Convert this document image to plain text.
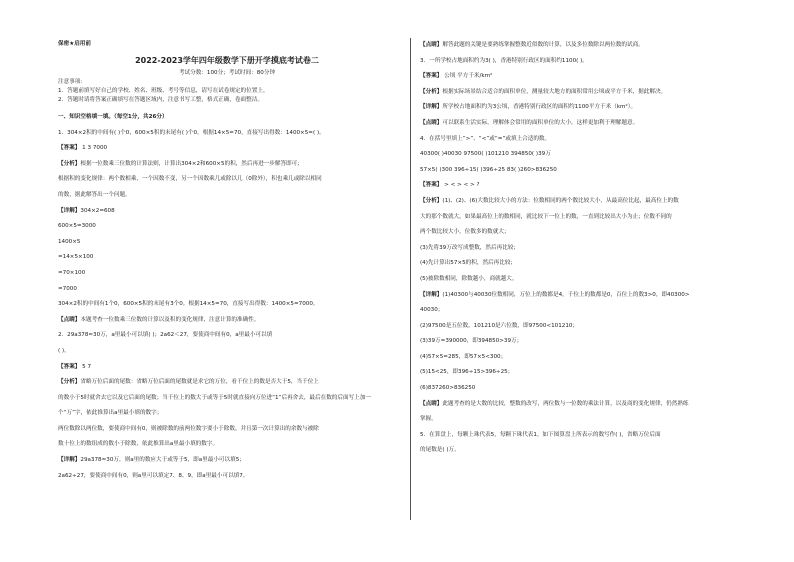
保密★启用前
2022-2023学年四年级数学下册开学摸底考试卷二
考试分数：100分；考试时间：80分钟
注意事项：
1．答题前填写好自己的学校、姓名、班级、考号等信息，请写在试卷规定的位置上。
2．答题时请将答案正确填写在答题区域内，注意书写工整，格式正确，卷面整洁。
一、知识空格填一填。（每空1分，共26分）
1．304×2积的中间有( )个0，600×5积的末尾有( )个0。根据14×5=70，直接写出得数：1400×5=( )。
【答案】 1 3 7000
【分析】根据一位数乘三位数的计算法则，计算出304×2和600×5的积，然后再进一步解答即可；
根据积的变化规律：两个数相乘，一个因数不变，另一个因数乘几或除以几（0除外），积也乘几或除以相同
的数，据此解答出一个问题。
【详解】304×2=608
600×5=3000
1400×5
=14×5×100
=70×100
=7000
304×2积的中间有1个0，600×5积的末尾有3个0。根据14×5=70，直接写出得数：1400×5=7000。
【点睛】本题考查一位数乘三位数的计算以及积的变化规律，注意计算的准确性。
2．29a378≈30万，a里最小可以填( )；2a62＜27，要使商中间有0，a里最小可以填
( )。
【答案】 5 7
【分析】省略万位后面的尾数：省略万位后面的尾数就是求它的万位，看千位上的数是否大于5，当千位上
的数小于5时就舍去它以及它后面的尾数；当千位上的数大于或等于5时就直接向万位进“1”后再舍去，最后在数的后面写上加一
个“万”字，依此推算出a里最小填的数字；
两位数除以两位数，要使商中间有0，则被除数的前两位数字要小于除数，并且第一次计算出的余数与被除
数十位上的数组成的数小于除数，依此推算出a里最小填的数字。
【详解】29a378≈30万，则a里的数应大于或等于5，即a里最小可以填5；
2a62÷27，要使商中间有0，则a里可以填定7、8、9，即a里最小可以填7。
【点睛】解答此题的关键是要熟练掌握整数近似数的计算，以及多位数除以两位数的试商。
3．一所学校占地面积约为3( )，香港特别行政区的面积约1100( )。
【答案】 公顷 平方千米/km²
【分析】根据实际场景结合适合的面积单位，测量较大地方的面积常用公顷或平方千米，据此解决。
【详解】所学校占地面积约为3公顷，香港特别行政区的面积约1100平方千米（km²）。
【点睛】可以联系生活实际，理解体会常用的面积单位的大小，这样更加利于理解题意。
4．在括号里填上“>”、“<”或“=”或填上合适的数。
40300( )40030 97500( )101210 394850( )39万
57×5( )300 396÷15( )396÷25 83( )260>836250
【答案】 > < > < > ?
【分析】(1)、(2)、(6)大数比较大小的方法：位数相同的两个数比较大小，从最高位比起，最高位上的数
大的那个数就大，如果最高位上的数相同，就比较下一位上的数，一直到比较出大小为止；位数不同的
两个数比较大小，位数多的数就大；
(3)先将39万改写成整数，然后再比较；
(4)先计算出57×5的积，然后再比较；
(5)被除数相同，除数越小，商就越大。
【详解】(1)40300与40030位数相同，万位上的数都是4，千位上的数都是0，百位上的数3>0，即40300>
40030；
(2)97500是五位数，101210是六位数，即97500<101210；
(3)39万=390000，即394850>39万；
(4)57×5=285，即57×5<300；
(5)15<25，即396÷15>396÷25；
(6)837260>836250
【点睛】此题考查的是大数的比较，整数的改写，两位数与一位数的乘法计算，以及商的变化规律，仍然熟练
掌握。
5．在算盘上，每颗上珠代表5，每颗下珠代表1，如下图算盘上所表示的数写作( )，省略万位后面
的尾数是( )万。
